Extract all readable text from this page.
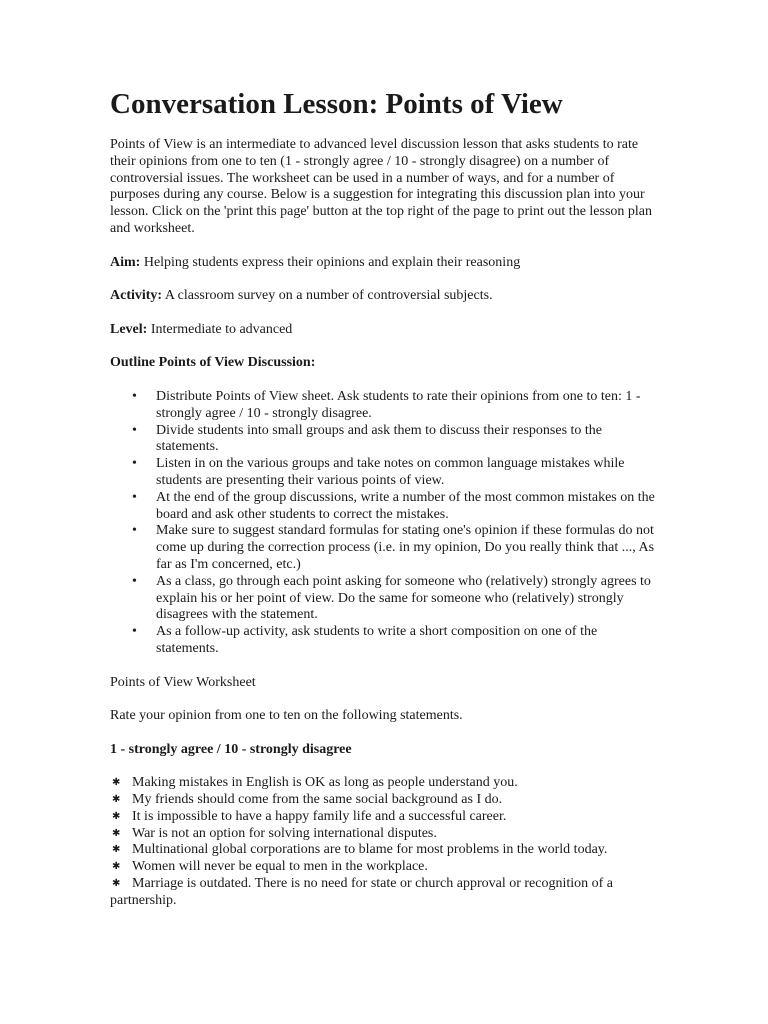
Conversation Lesson: Points of View

Points of View is an intermediate to advanced level discussion lesson that asks students to rate their opinions from one to ten (1 - strongly agree / 10 - strongly disagree) on a number of controversial issues. The worksheet can be used in a number of ways, and for a number of purposes during any course. Below is a suggestion for integrating this discussion plan into your lesson. Click on the 'print this page' button at the top right of the page to print out the lesson plan and worksheet.

Aim: Helping students express their opinions and explain their reasoning

Activity: A classroom survey on a number of controversial subjects.

Level: Intermediate to advanced

Outline Points of View Discussion:

• Distribute Points of View sheet. Ask students to rate their opinions from one to ten: 1 - strongly agree / 10 - strongly disagree.
• Divide students into small groups and ask them to discuss their responses to the statements.
• Listen in on the various groups and take notes on common language mistakes while students are presenting their various points of view.
• At the end of the group discussions, write a number of the most common mistakes on the board and ask other students to correct the mistakes.
• Make sure to suggest standard formulas for stating one's opinion if these formulas do not come up during the correction process (i.e. in my opinion, Do you really think that ..., As far as I'm concerned, etc.)
• As a class, go through each point asking for someone who (relatively) strongly agrees to explain his or her point of view. Do the same for someone who (relatively) strongly disagrees with the statement.
• As a follow-up activity, ask students to write a short composition on one of the statements.

Points of View Worksheet

Rate your opinion from one to ten on the following statements.

1 - strongly agree / 10 - strongly disagree

✱ Making mistakes in English is OK as long as people understand you.
✱ My friends should come from the same social background as I do.
✱ It is impossible to have a happy family life and a successful career.
✱ War is not an option for solving international disputes.
✱ Multinational global corporations are to blame for most problems in the world today.
✱ Women will never be equal to men in the workplace.
✱ Marriage is outdated. There is no need for state or church approval or recognition of a partnership.
